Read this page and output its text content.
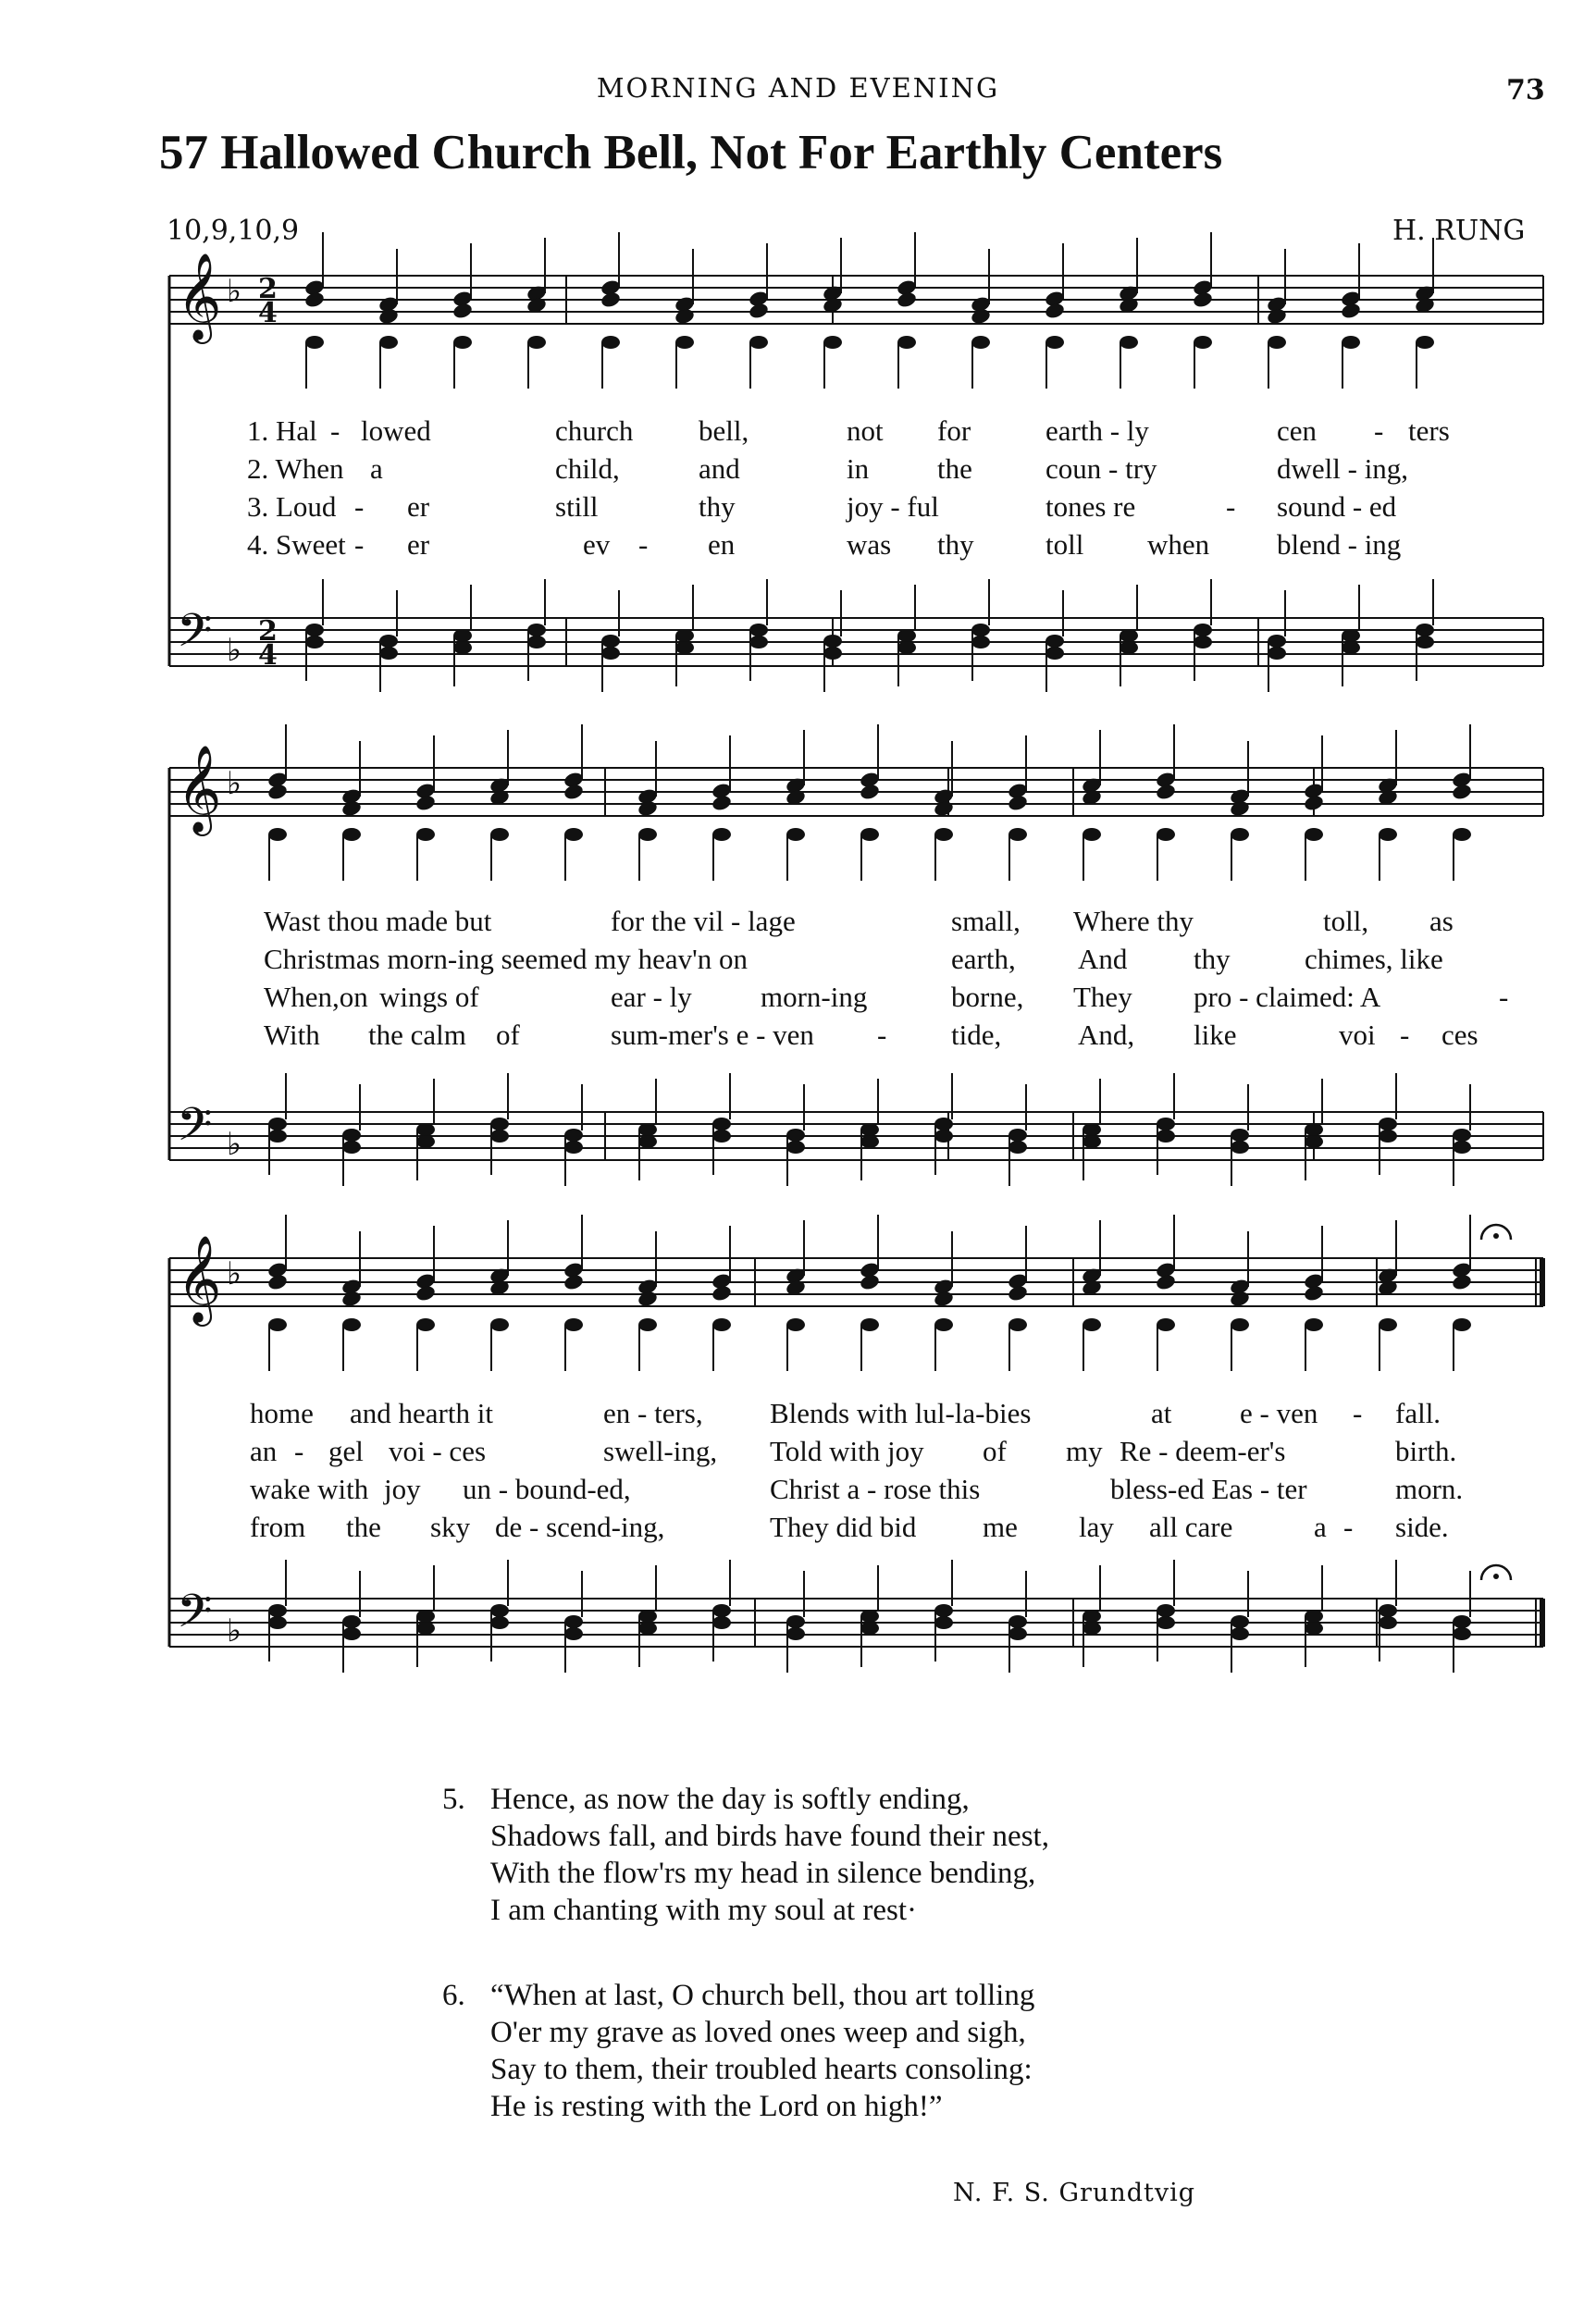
MORNING AND EVENING	73
57 Hallowed Church Bell, Not For Earthly Centers
10,9,10,9	H. RUNG
𝄞 ♭ 2
4
𝄢 ♭
2
4
𝄞 ♭
𝄢 ♭
𝄞 ♭
𝄢 ♭
1. Hal - lowed	church bell,	not for	earth - ly	cen - ters
2. When a	child,	and	in the	coun - try	dwell - ing,
3. Loud - er	still	thy	joy - ful	tones re	- sound - ed
4. Sweet - er	ev - en	was thy toll when blend - ing
Wast thou made but	for the vil - lage	small, Where thy	toll, as
Christmas morn-ing seemed my heav'n on	earth, And thy	chimes, like
When,on wings of	ear - ly morn-ing	borne, They pro - claimed: A	-
With the calm of	sum-mer's e - ven - tide,	And, like	voi - ces
home and hearth it	en - ters, Blends with lul-la-bies	at e - ven - fall.
an - gel voi - ces	swell-ing, Told with joy of my Re - deem-er's	birth.
wake with joy un - bound-ed,	Christ a - rose this	bless-ed Eas - ter	morn.
from the sky de - scend-ing,	They did bid me lay all care	a - side.
5. Hence, as now the day is softly ending,
Shadows fall, and birds have found their nest,
With the flow'rs my head in silence bending,
I am chanting with my soul at rest·
6. “When at last, O church bell, thou art tolling
O'er my grave as loved ones weep and sigh,
Say to them, their troubled hearts consoling:
He is resting with the Lord on high!”
N. F. S. Grundtvig
